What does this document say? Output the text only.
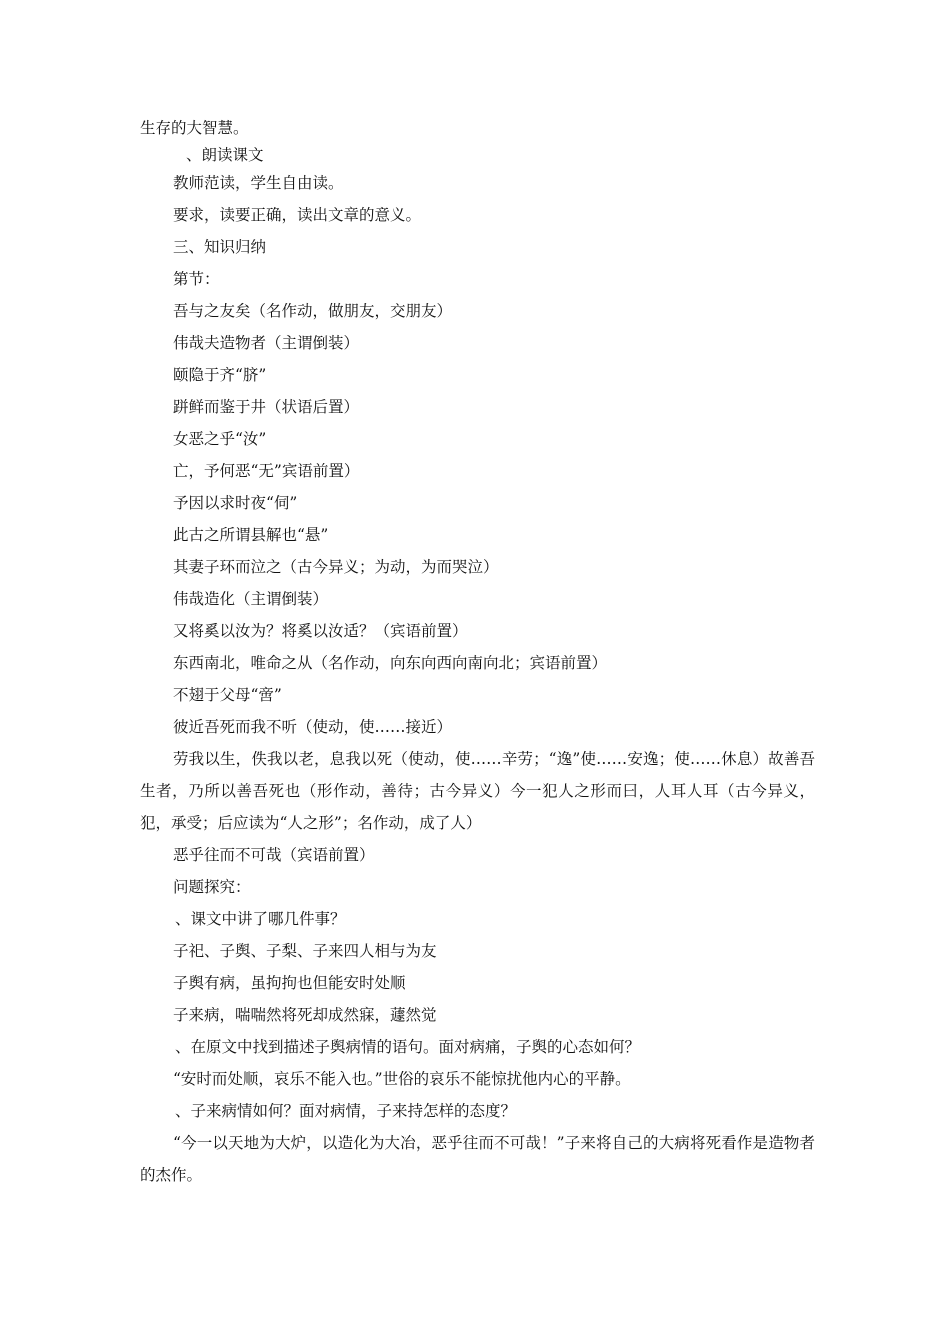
生存的大智慧。
、朗读课文
教师范读，学生自由读。
要求，读要正确，读出文章的意义。
三、知识归纳
第节：
吾与之友矣（名作动，做朋友，交朋友）
伟哉夫造物者（主谓倒装）
颐隐于齐“脐”
跰鲜而鉴于井（状语后置）
女恶之乎“汝”
亡，予何恶“无”宾语前置）
予因以求时夜“伺”
此古之所谓县解也“悬”
其妻子环而泣之（古今异义；为动，为而哭泣）
伟哉造化（主谓倒装）
又将奚以汝为？将奚以汝适？（宾语前置）
东西南北，唯命之从（名作动，向东向西向南向北；宾语前置）
不翅于父母“啻”
彼近吾死而我不听（使动，使……接近）
劳我以生，佚我以老，息我以死（使动，使……辛劳；“逸”使……安逸；使……休息）故善吾生者，乃所以善吾死也（形作动，善待；古今异义）今一犯人之形而曰，人耳人耳（古今异义，犯，承受；后应读为“人之形”；名作动，成了人）
恶乎往而不可哉（宾语前置）
问题探究：
、课文中讲了哪几件事？
子祀、子舆、子梨、子来四人相与为友
子舆有病，虽拘拘也但能安时处顺
子来病，喘喘然将死却成然寐，蘧然觉
、在原文中找到描述子舆病情的语句。面对病痛，子舆的心态如何？
“安时而处顺，哀乐不能入也。”世俗的哀乐不能惊扰他内心的平静。
、子来病情如何？面对病情，子来持怎样的态度？
“今一以天地为大炉，以造化为大冶，恶乎往而不可哉！”子来将自己的大病将死看作是造物者的杰作。
